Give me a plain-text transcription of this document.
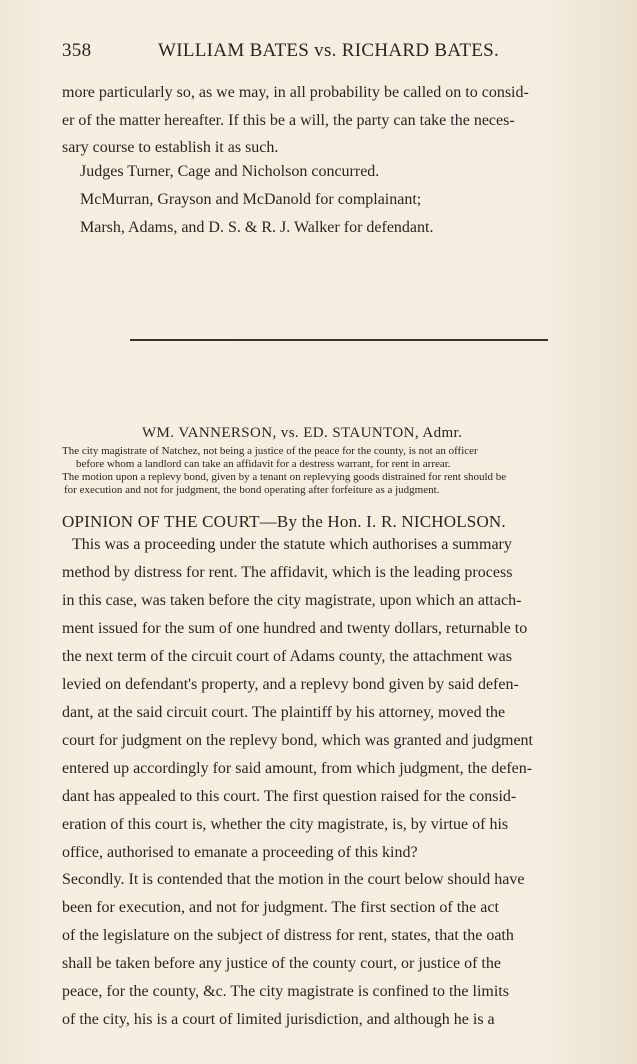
358	WILLIAM BATES vs. RICHARD BATES.
more particularly so, as we may, in all probability be called on to consid-
er of the matter hereafter. If this be a will, the party can take the neces-
sary course to establish it as such.
Judges Turner, Cage and Nicholson concurred.
McMurran, Grayson and McDanold for complainant;
Marsh, Adams, and D. S. & R. J. Walker for defendant.
WM. VANNERSON, vs. ED. STAUNTON, Admr.
The city magistrate of Natchez, not being a justice of the peace for the county, is not an officer
before whom a landlord can take an affidavit for a destress warrant, for rent in arrear.
The motion upon a replevy bond, given by a tenant on replevying goods distrained for rent should be
for execution and not for judgment, the bond operating after forfeiture as a judgment.
OPINION OF THE COURT—By the Hon. I. R. NICHOLSON.
This was a proceeding under the statute which authorises a summary
method by distress for rent. The affidavit, which is the leading process
in this case, was taken before the city magistrate, upon which an attach-
ment issued for the sum of one hundred and twenty dollars, returnable to
the next term of the circuit court of Adams county, the attachment was
levied on defendant's property, and a replevy bond given by said defen-
dant, at the said circuit court. The plaintiff by his attorney, moved the
court for judgment on the replevy bond, which was granted and judgment
entered up accordingly for said amount, from which judgment, the defen-
dant has appealed to this court. The first question raised for the consid-
eration of this court is, whether the city magistrate, is, by virtue of his
office, authorised to emanate a proceeding of this kind?
Secondly. It is contended that the motion in the court below should have
been for execution, and not for judgment. The first section of the act
of the legislature on the subject of distress for rent, states, that the oath
shall be taken before any justice of the county court, or justice of the
peace, for the county, &c. The city magistrate is confined to the limits
of the city, his is a court of limited jurisdiction, and although he is a
